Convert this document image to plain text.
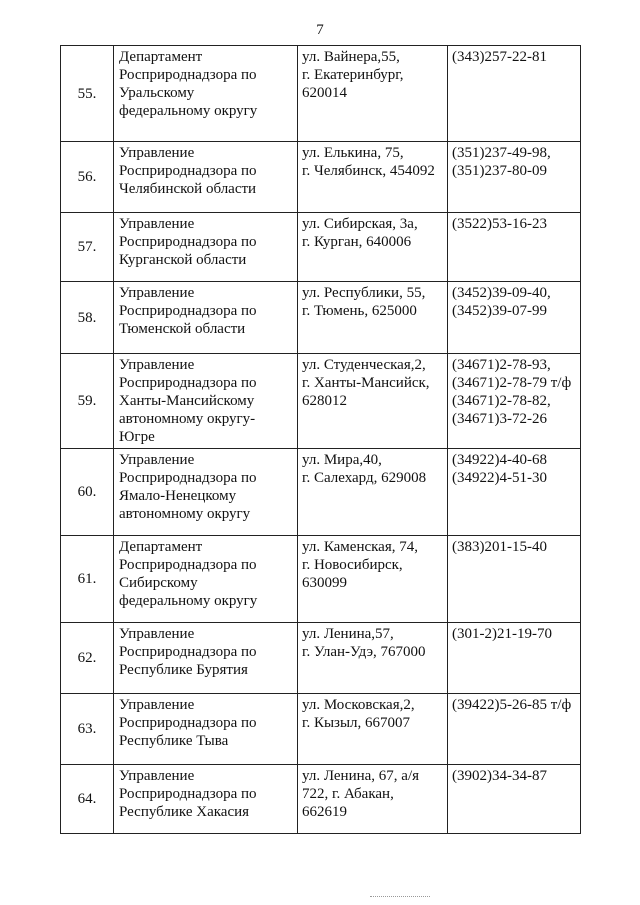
7
55.	Департамент
Росприроднадзора по
Уральскому
федеральному округу	ул. Вайнера,55,
г. Екатеринбург,
620014	(343)257-22-81

56.	Управление
Росприроднадзора по
Челябинской области	ул. Елькина, 75,
г. Челябинск, 454092	(351)237-49-98,
(351)237-80-09

57.	Управление
Росприроднадзора по
Курганской области	ул. Сибирская, 3а,
г. Курган, 640006	(3522)53-16-23

58.	Управление
Росприроднадзора по
Тюменской области	ул. Республики, 55,
г. Тюмень, 625000	(3452)39-09-40,
(3452)39-07-99

59.	Управление
Росприроднадзора по
Ханты-Мансийскому
автономному округу-
Югре	ул. Студенческая,2,
г. Ханты-Мансийск,
628012	(34671)2-78-93,
(34671)2-78-79 т/ф
(34671)2-78-82,
(34671)3-72-26

60.	Управление
Росприроднадзора по
Ямало-Ненецкому
автономному округу	ул. Мира,40,
г. Салехард, 629008	(34922)4-40-68
(34922)4-51-30

61.	Департамент
Росприроднадзора по
Сибирскому
федеральному округу	ул. Каменская, 74,
г. Новосибирск,
630099	(383)201-15-40

62.	Управление
Росприроднадзора по
Республике Бурятия	ул. Ленина,57,
г. Улан-Удэ, 767000	(301-2)21-19-70

63.	Управление
Росприроднадзора по
Республике Тыва	ул. Московская,2,
г. Кызыл, 667007	(39422)5-26-85 т/ф

64.	Управление
Росприроднадзора по
Республике Хакасия	ул. Ленина, 67, а/я
722, г. Абакан,
662619	(3902)34-34-87
